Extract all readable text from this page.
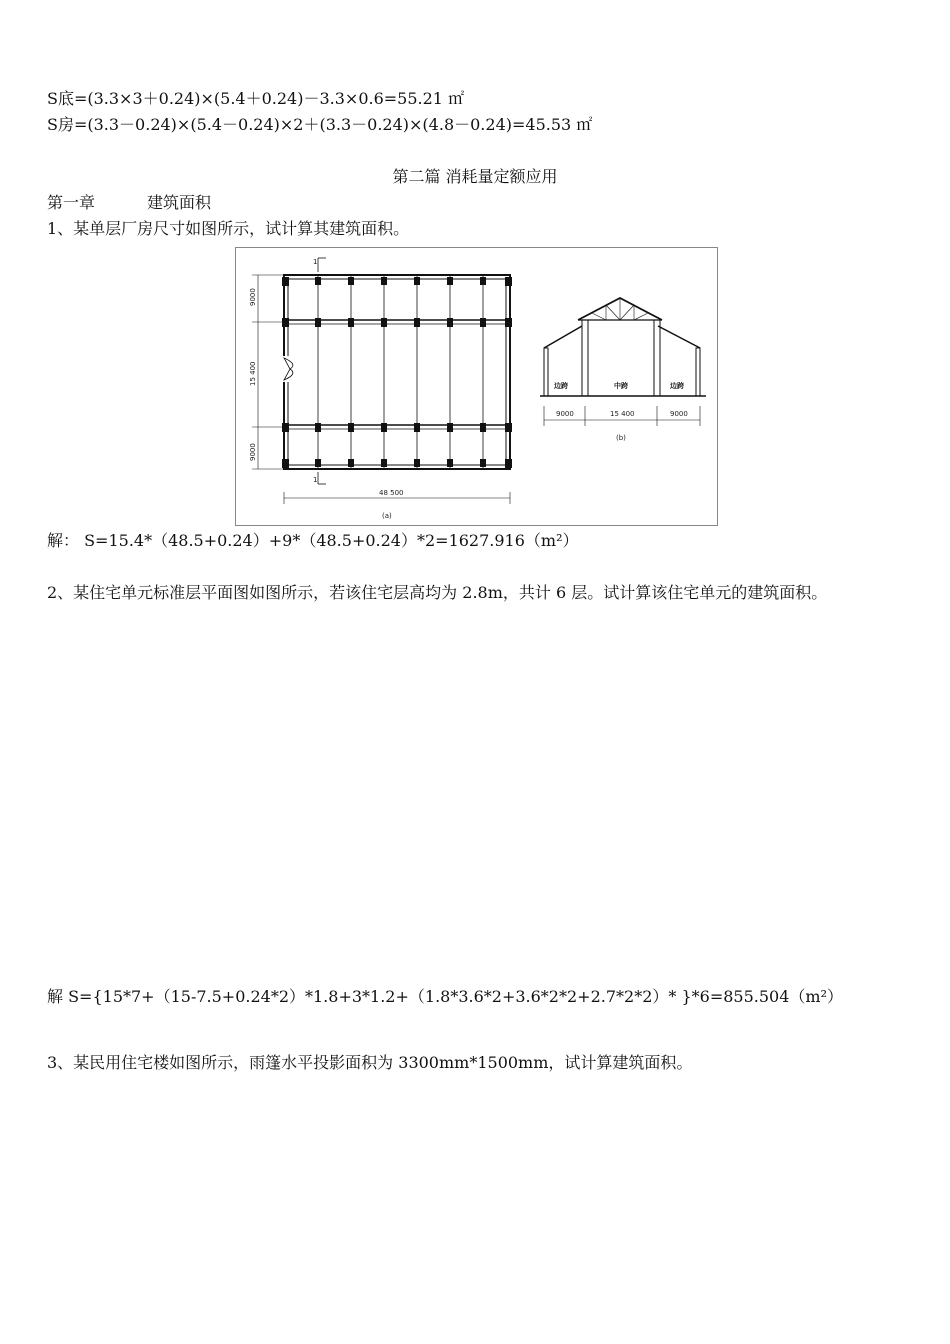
S底=(3.3×3＋0.24)×(5.4＋0.24)－3.3×0.6=55.21 ㎡
S房=(3.3－0.24)×(5.4－0.24)×2＋(3.3－0.24)×(4.8－0.24)=45.53 ㎡
第二篇 消耗量定额应用
第一章	建筑面积
1、某单层厂房尺寸如图所示，试计算其建筑面积。
1
1
9000
15 400
9000
48 500
(a)
边跨	中跨	边跨
9000	15 400	9000
(b)
解： S=15.4*（48.5+0.24）+9*（48.5+0.24）*2=1627.916（m²）
2、某住宅单元标准层平面图如图所示，若该住宅层高均为 2.8m，共计 6 层。试计算该住宅单元的建筑面积。
解 S={15*7+（15-7.5+0.24*2）*1.8+3*1.2+（1.8*3.6*2+3.6*2*2+2.7*2*2）* }*6=855.504（m²）
3、某民用住宅楼如图所示，雨篷水平投影面积为 3300mm*1500mm，试计算建筑面积。
